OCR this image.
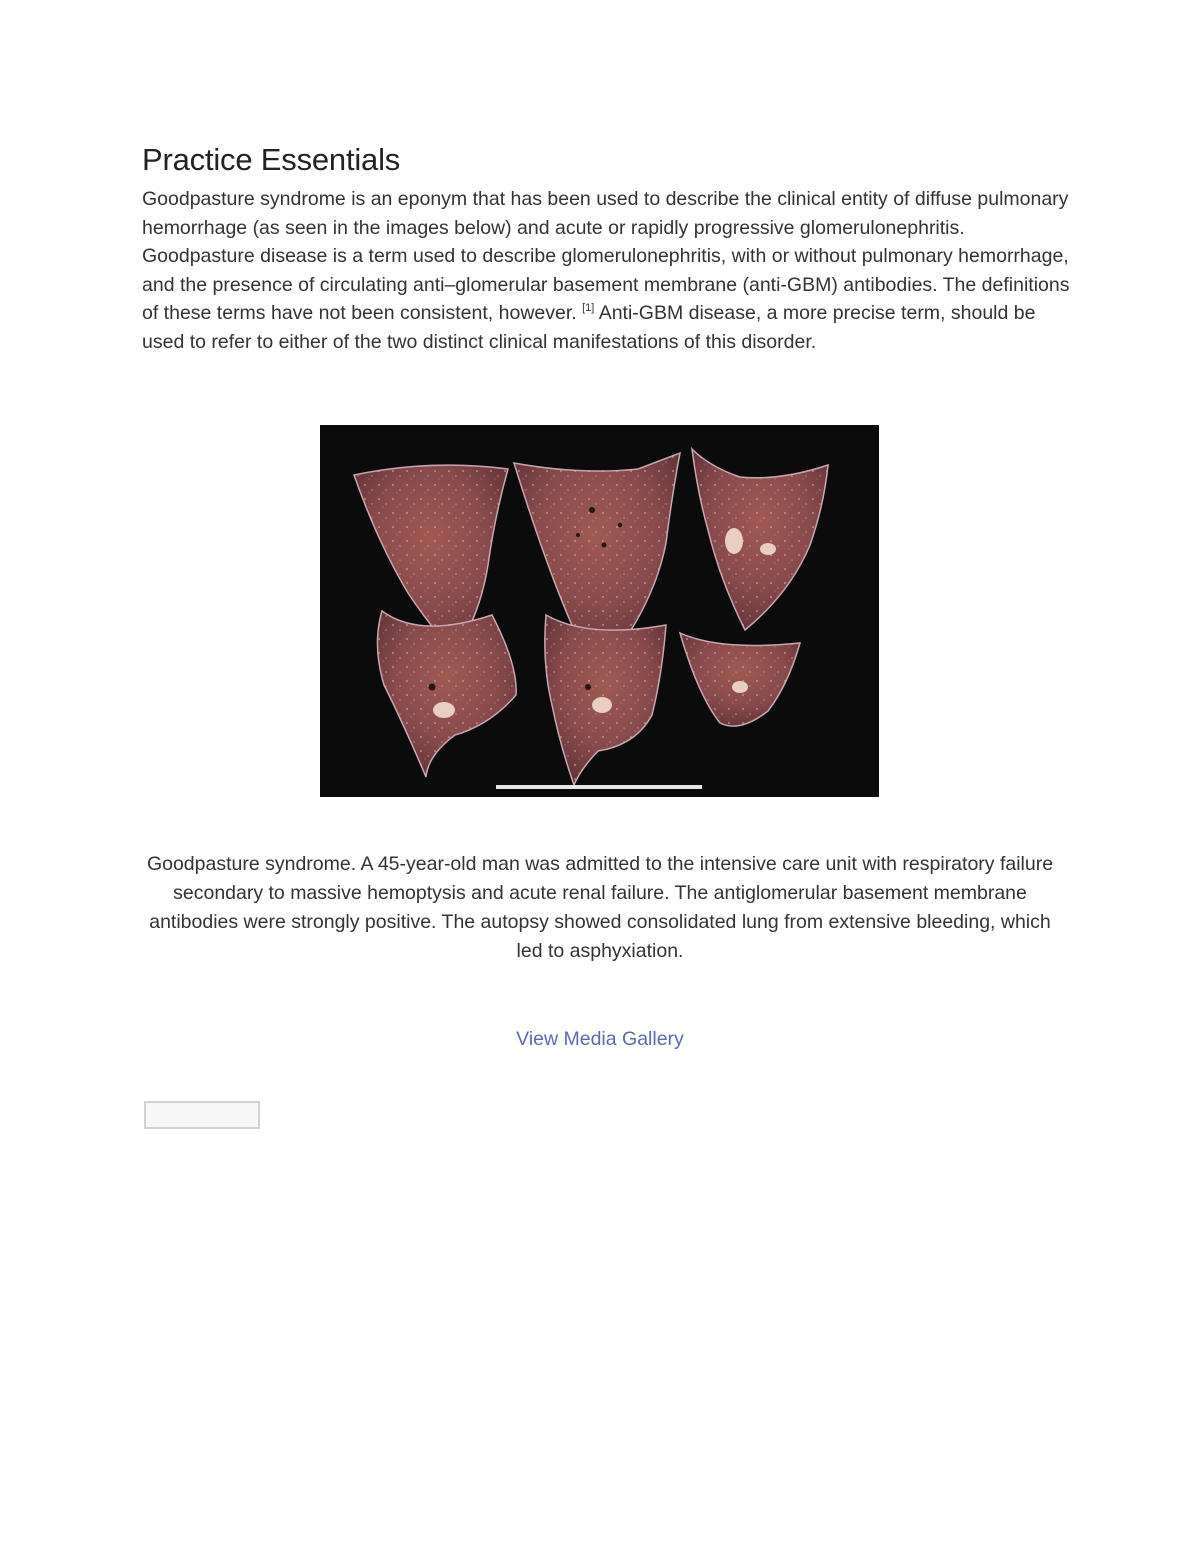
Practice Essentials

Goodpasture syndrome is an eponym that has been used to describe the clinical entity of diffuse pulmonary hemorrhage (as seen in the images below) and acute or rapidly progressive glomerulonephritis. Goodpasture disease is a term used to describe glomerulonephritis, with or without pulmonary hemorrhage, and the presence of circulating anti–glomerular basement membrane (anti-GBM) antibodies. The definitions of these terms have not been consistent, however. [1] Anti-GBM disease, a more precise term, should be used to refer to either of the two distinct clinical manifestations of this disorder.

Goodpasture syndrome. A 45-year-old man was admitted to the intensive care unit with respiratory failure secondary to massive hemoptysis and acute renal failure. The antiglomerular basement membrane antibodies were strongly positive. The autopsy showed consolidated lung from extensive bleeding, which led to asphyxiation.

View Media Gallery
